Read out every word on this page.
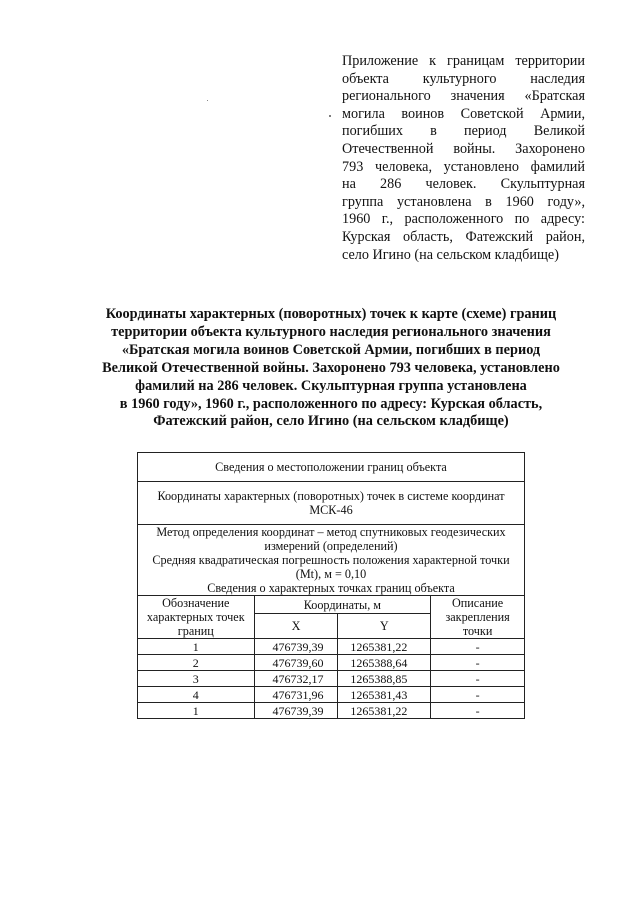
Приложение к границам территории
объекта культурного наследия
регионального значения «Братская
могила воинов Советской Армии,
погибших в период Великой
Отечественной войны. Захоронено
793 человека, установлено фамилий
на 286 человек. Скульптурная
группа установлена в 1960 году»,
1960 г., расположенного по адресу:
Курская область, Фатежский район,
село Игино (на сельском кладбище)
Координаты характерных (поворотных) точек к карте (схеме) границ
территории объекта культурного наследия регионального значения
«Братская могила воинов Советской Армии, погибших в период
Великой Отечественной войны. Захоронено 793 человека, установлено
фамилий на 286 человек. Скульптурная группа установлена
в 1960 году», 1960 г., расположенного по адресу: Курская область,
Фатежский район, село Игино (на сельском кладбище)
Сведения о местоположении границ объекта			
Координаты характерных (поворотных) точек в системе координат
МСК-46			
Метод определения координат – метод спутниковых геодезических
измерений (определений)
Средняя квадратическая погрешность положения характерной точки
(Mt), м = 0,10
Сведения о характерных точках границ объекта			
Обозначение
характерных точек
границ	Координаты, м		Описание
закрепления
точки
	X	Y	
1	476739,39	1265381,22	-
2	476739,60	1265388,64	-
3	476732,17	1265388,85	-
4	476731,96	1265381,43	-
1	476739,39	1265381,22	-
